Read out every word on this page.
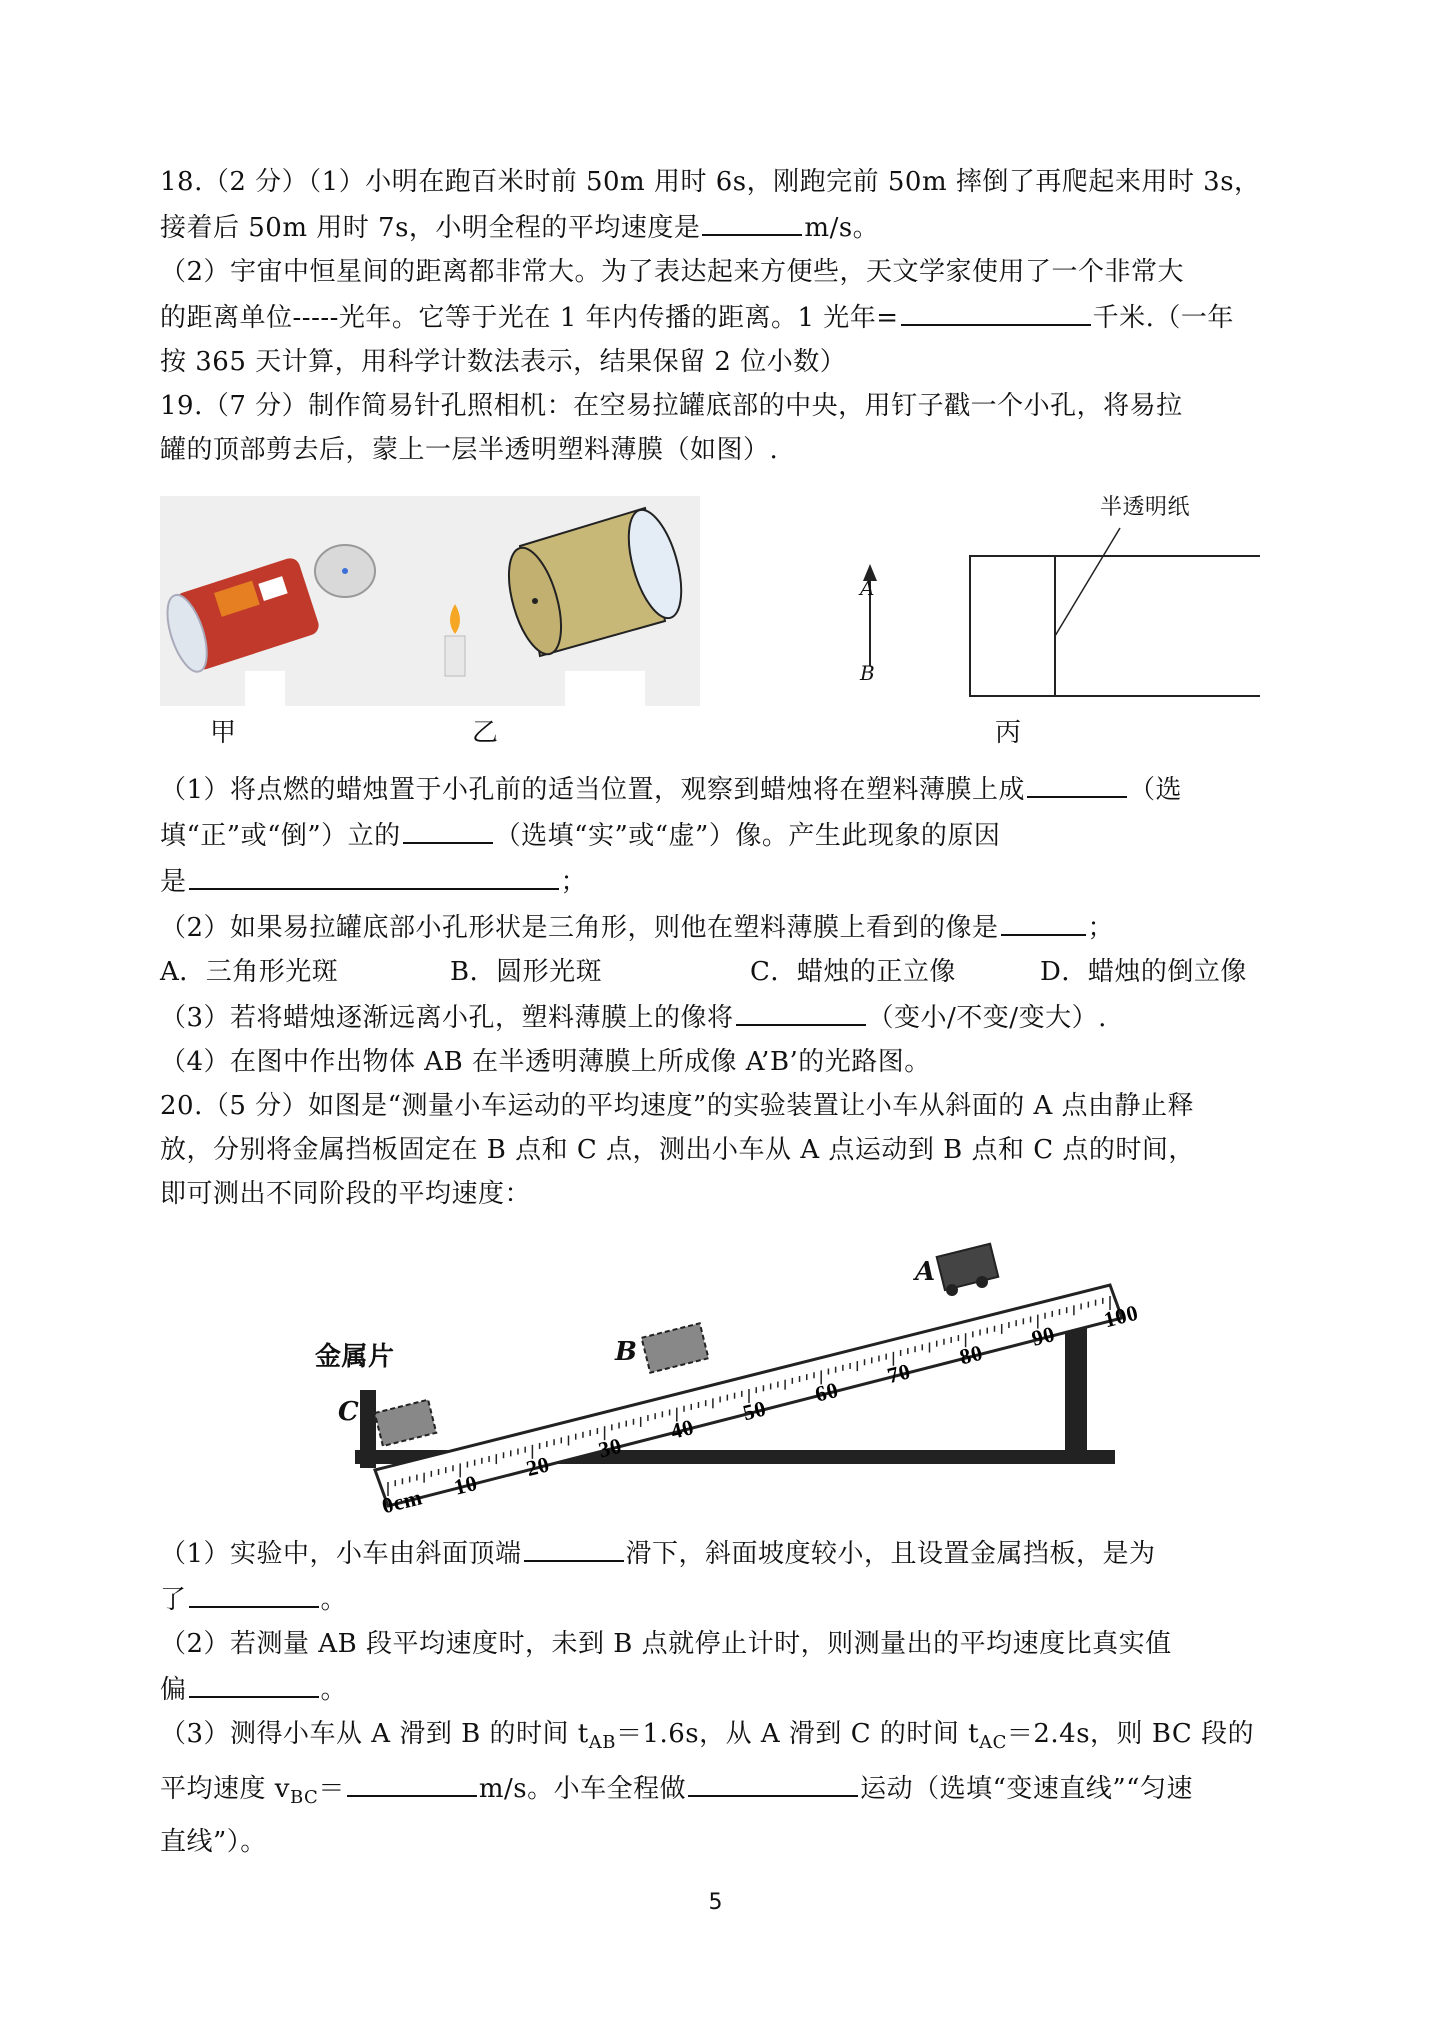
18.（2 分）（1）小明在跑百米时前 50m 用时 6s，刚跑完前 50m 摔倒了再爬起来用时 3s，

接着后 50m 用时 7s，小明全程的平均速度是	m/s。

（2）宇宙中恒星间的距离都非常大。为了表达起来方便些，天文学家使用了一个非常大

的距离单位-----光年。它等于光在 1 年内传播的距离。1 光年=	千米.（一年

按 365 天计算，用科学计数法表示，结果保留 2 位小数）

19.（7 分）制作简易针孔照相机：在空易拉罐底部的中央，用钉子戳一个小孔，将易拉

罐的顶部剪去后，蒙上一层半透明塑料薄膜（如图）.

A
B
半透明纸
甲	乙	丙

（1）将点燃的蜡烛置于小孔前的适当位置，观察到蜡烛将在塑料薄膜上成	（选

填“正”或“倒”）立的	（选填“实”或“虚”）像。产生此现象的原因

是	；

（2）如果易拉罐底部小孔形状是三角形，则他在塑料薄膜上看到的像是	；

A．三角形光斑	B．圆形光斑	C．蜡烛的正立像	D．蜡烛的倒立像

（3）若将蜡烛逐渐远离小孔，塑料薄膜上的像将	（变小/不变/变大）.

（4）在图中作出物体 AB 在半透明薄膜上所成像 A’B’的光路图。

20.（5 分）如图是“测量小车运动的平均速度”的实验装置让小车从斜面的 A 点由静止释

放，分别将金属挡板固定在 B 点和 C 点，测出小车从 A 点运动到 B 点和 C 点的时间，

即可测出不同阶段的平均速度：

0cm 10
20
30
40
50
60
70
80
90
100
金属片
C
B
A

（1）实验中，小车由斜面顶端	滑下，斜面坡度较小，且设置金属挡板，是为

了	。

（2）若测量 AB 段平均速度时，未到 B 点就停止计时，则测量出的平均速度比真实值

偏	。

（3）测得小车从 A 滑到 B 的时间 $t_{AB}=1.6s$，从 A 滑到 C 的时间 $t_{AC}=2.4s$，则 BC 段的

平均速度 $v_{BC}=$	m/s。小车全程做	运动（选填“变速直线”“匀速

直线”）。

5
